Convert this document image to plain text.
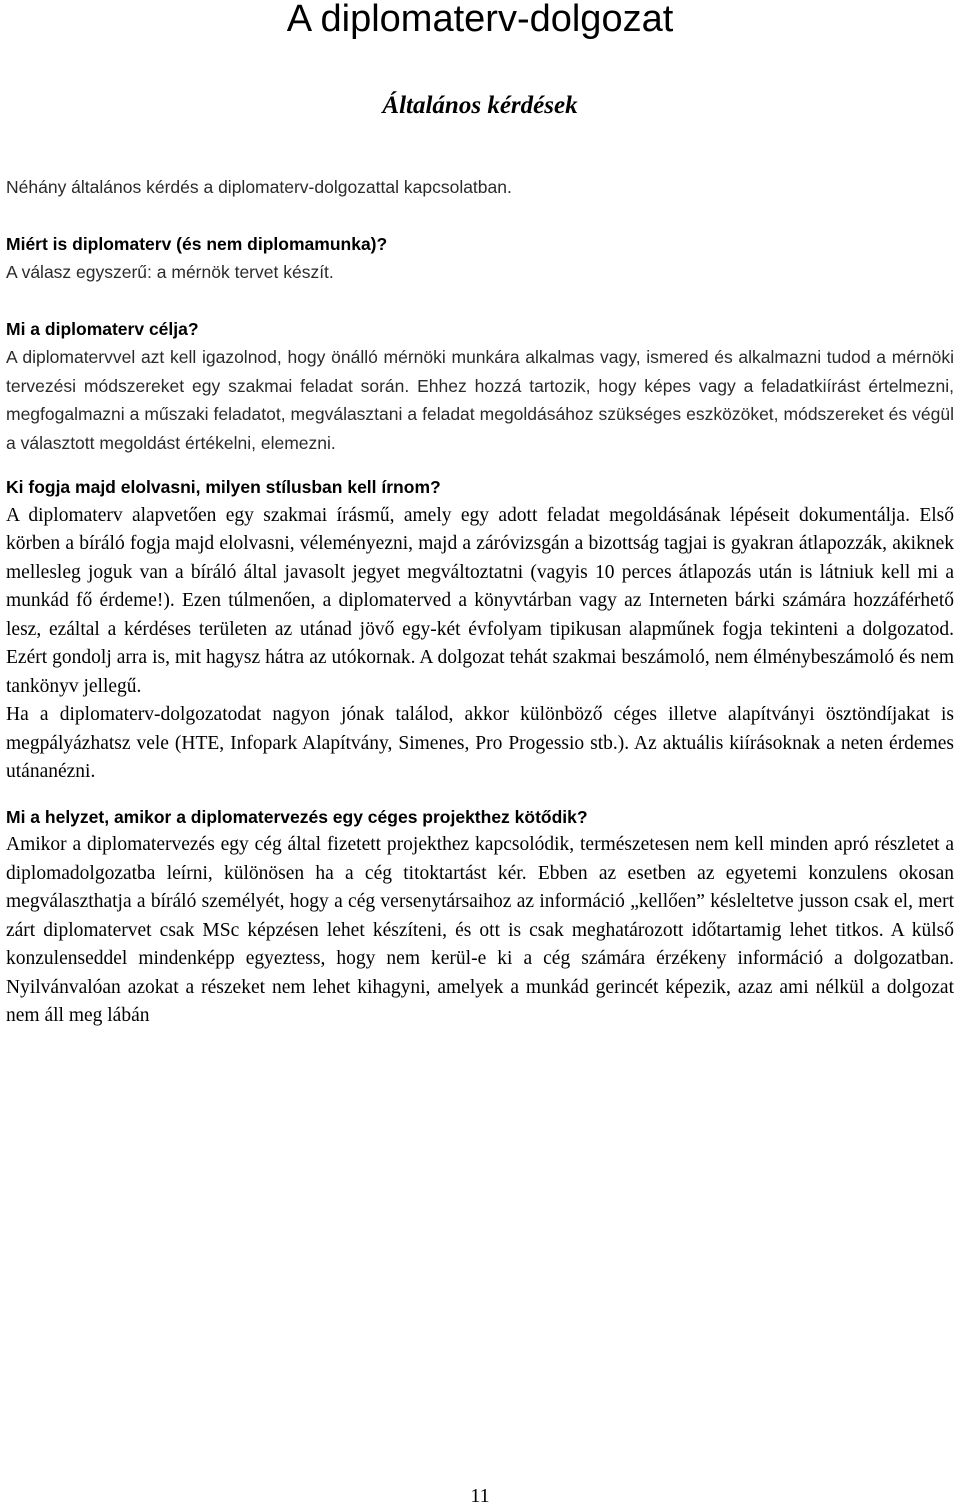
A diplomaterv-dolgozat
Általános kérdések

Néhány általános kérdés a diplomaterv-dolgozattal kapcsolatban.

Miért is diplomaterv (és nem diplomamunka)?

A válasz egyszerű: a mérnök tervet készít.

Mi a diplomaterv célja?

A diplomatervvel azt kell igazolnod, hogy önálló mérnöki munkára alkalmas vagy, ismered és alkalmazni tudod a mérnöki tervezési módszereket egy szakmai feladat során. Ehhez hozzá tartozik, hogy képes vagy a feladatkiírást értelmezni, megfogalmazni a műszaki feladatot, megválasztani a feladat megoldásához szükséges eszközöket, módszereket és végül a választott megoldást értékelni, elemezni.

Ki fogja majd elolvasni, milyen stílusban kell írnom?

A diplomaterv alapvetően egy szakmai írásmű, amely egy adott feladat megoldásának lépéseit dokumentálja. Első körben a bíráló fogja majd elolvasni, véleményezni, majd a záróvizsgán a bizottság tagjai is gyakran átlapozzák, akiknek mellesleg joguk van a bíráló által javasolt jegyet megváltoztatni (vagyis 10 perces átlapozás után is látniuk kell mi a munkád fő érdeme!). Ezen túlmenően, a diplomaterved a könyvtárban vagy az Interneten bárki számára hozzáférhető lesz, ezáltal a kérdéses területen az utánad jövő egy-két évfolyam tipikusan alapműnek fogja tekinteni a dolgozatod. Ezért gondolj arra is, mit hagysz hátra az utókornak. A dolgozat tehát szakmai beszámoló, nem élménybeszámoló és nem tankönyv jellegű.

Ha a diplomaterv-dolgozatodat nagyon jónak találod, akkor különböző céges illetve alapítványi ösztöndíjakat is megpályázhatsz vele (HTE, Infopark Alapítvány, Simenes, Pro Progessio stb.). Az aktuális kiírásoknak a neten érdemes utánanézni.

Mi a helyzet, amikor a diplomatervezés egy céges projekthez kötődik?

Amikor a diplomatervezés egy cég által fizetett projekthez kapcsolódik, természetesen nem kell minden apró részletet a diplomadolgozatba leírni, különösen ha a cég titoktartást kér. Ebben az esetben az egyetemi konzulens okosan megválaszthatja a bíráló személyét, hogy a cég versenytársaihoz az információ „kellően” késleltetve jusson csak el, mert zárt diplomatervet csak MSc képzésen lehet készíteni, és ott is csak meghatározott időtartamig lehet titkos. A külső konzulenseddel mindenképp egyeztess, hogy nem kerül-e ki a cég számára érzékeny információ a dolgozatban. Nyilvánvalóan azokat a részeket nem lehet kihagyni, amelyek a munkád gerincét képezik, azaz ami nélkül a dolgozat nem áll meg lábán

11
